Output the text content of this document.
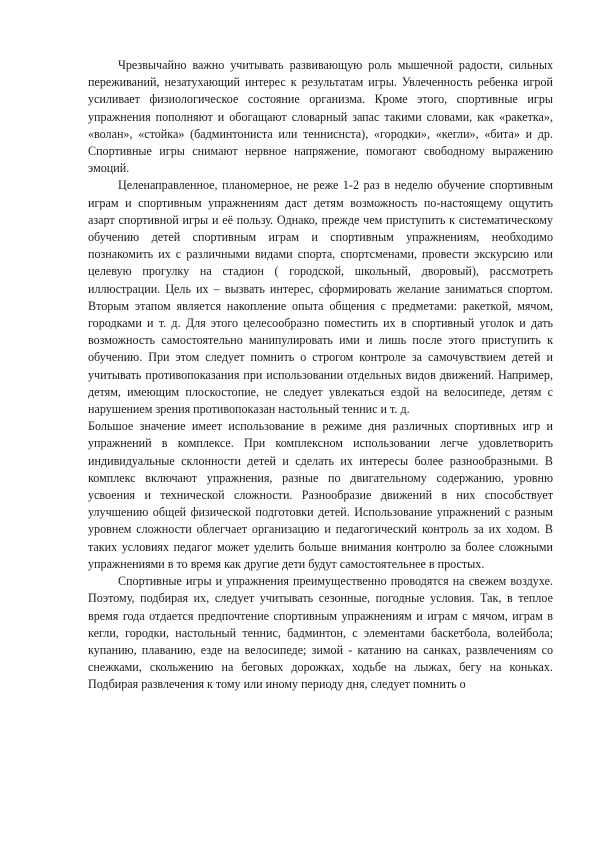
Чрезвычайно важно учитывать развивающую роль мышечной радости, сильных переживаний, незатухающий интерес к результатам игры. Увлеченность ребенка игрой усиливает физиологическое состояние организма. Кроме этого, спортивные игры упражнения пополняют и обогащают словарный запас такими словами, как «ракетка», «волан», «стойка» (бадминтониста или тенниснста), «городки», «кегли», «бита» и др. Спортивные игры снимают нервное напряжение, помогают свободному выражению эмоций.

Целенаправленное, планомерное, не реже 1-2 раз в неделю обучение спортивным играм и спортивным упражнениям даст детям возможность по-настоящему ощутить азарт спортивной игры и её пользу. Однако, прежде чем приступить к систематическому обучению детей спортивным играм и спортивным упражнениям, необходимо познакомить их с различными видами спорта, спортсменами, провести экскурсию или целевую прогулку на стадион ( городской, школьный, дворовый), рассмотреть иллюстрации. Цель их – вызвать интерес, сформировать желание заниматься спортом. Вторым этапом является накопление опыта общения с предметами: ракеткой, мячом, городками и т. д. Для этого целесообразно поместить их в спортивный уголок и дать возможность самостоятельно манипулировать ими и лишь после этого приступить к обучению. При этом следует помнить о строгом контроле за самочувствием детей и учитывать противопоказания при использовании отдельных видов движений. Например, детям, имеющим плоскостопие, не следует увлекаться ездой на велосипеде, детям с нарушением зрения противопоказан настольный теннис и т. д.

Большое значение имеет использование в режиме дня различных спортивных игр и упражнений в комплексе. При комплексном использовании легче удовлетворить индивидуальные склонности детей и сделать их интересы более разнообразными. В комплекс включают упражнения, разные по двигательному содержанию, уровню усвоения и технической сложности. Разнообразие движений в них способствует улучшению общей физической подготовки детей. Использование упражнений с разным уровнем сложности облегчает организацию и педагогический контроль за их ходом. В таких условиях педагог может уделить больше внимания контролю за более сложными упражнениями в то время как другие дети будут самостоятельнее в простых.

Спортивные игры и упражнения преимущественно проводятся на свежем воздухе. Поэтому, подбирая их, следует учитывать сезонные, погодные условия. Так, в теплое время года отдается предпочтение спортивным упражнениям и играм с мячом, играм в кегли, городки, настольный теннис, бадминтон, с элементами баскетбола, волейбола; купанию, плаванию, езде на велосипеде; зимой - катанию на санках, развлечениям со снежками, скольжению на беговых дорожках, ходьбе на лыжах, бегу на коньках. Подбирая развлечения к тому или иному периоду дня, следует помнить о
